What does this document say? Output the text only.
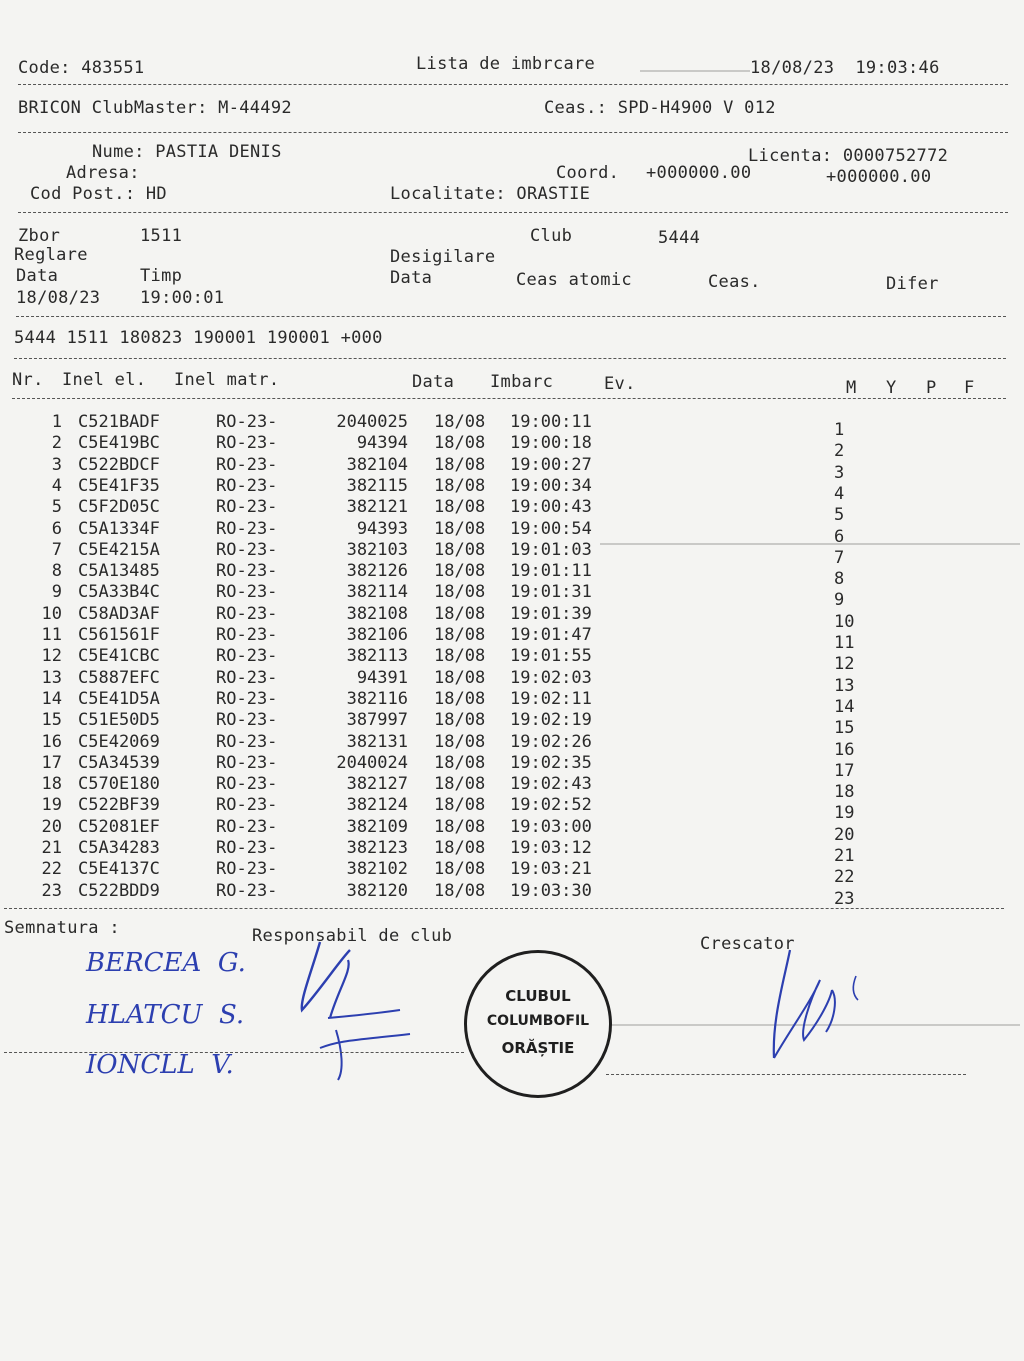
Code: 483551	Lista de imbrcare	18/08/23  19:03:46
BRICON ClubMaster: M-44492	Ceas.: SPD-H4900 V 012
Nume: PASTIA DENIS	Licenta: 0000752772
Adresa:	Coord. +000000.00	+000000.00
Cod Post.: HD	Localitate: ORASTIE
Zbor	1511	Club	5444
Reglare	Desigilare
Data	Timp	Data	Ceas atomic	Ceas.	Difer
18/08/23 19:00:01
5444 1511 180823 190001 190001 +000
Nr. Inel el. Inel matr.	Data Imbarc	Ev.	M Y P F
1 C521BADF	RO-23-	2040025 18/08	19:00:11	1
2 C5E419BC	RO-23-	94394 18/08	19:00:18	2
3 C522BDCF	RO-23-	382104 18/08	19:00:27	3
4 C5E41F35	RO-23-	382115 18/08	19:00:34	4
5 C5F2D05C	RO-23-	382121 18/08	19:00:43	5
6 C5A1334F	RO-23-	94393 18/08	19:00:54	6
7 C5E4215A	RO-23-	382103 18/08	19:01:03	7
8 C5A13485	RO-23-	382126 18/08	19:01:11	8
9 C5A33B4C	RO-23-	382114 18/08	19:01:31	9
10 C58AD3AF	RO-23-	382108 18/08	19:01:39	10
11 C561561F	RO-23-	382106 18/08	19:01:47	11
12 C5E41CBC	RO-23-	382113 18/08	19:01:55	12
13 C5887EFC	RO-23-	94391 18/08	19:02:03	13
14 C5E41D5A	RO-23-	382116 18/08	19:02:11	14
15 C51E50D5	RO-23-	387997 18/08	19:02:19	15
16 C5E42069	RO-23-	382131 18/08	19:02:26	16
17 C5A34539	RO-23-	2040024 18/08	19:02:35	17
18 C570E180	RO-23-	382127 18/08	19:02:43	18
19 C522BF39	RO-23-	382124 18/08	19:02:52	19
20 C52081EF	RO-23-	382109 18/08	19:03:00	20
21 C5A34283	RO-23-	382123 18/08	19:03:12	21
22 C5E4137C	RO-23-	382102 18/08	19:03:21	22
23 C522BDD9	RO-23-	382120 18/08	19:03:30	23
Semnatura :	Responsabil de club	Crescator
BERCEA  G.
HLATCU  S.
IONCLL  V.
CLUBUL
COLUMBOFIL
ORĂȘTIE
